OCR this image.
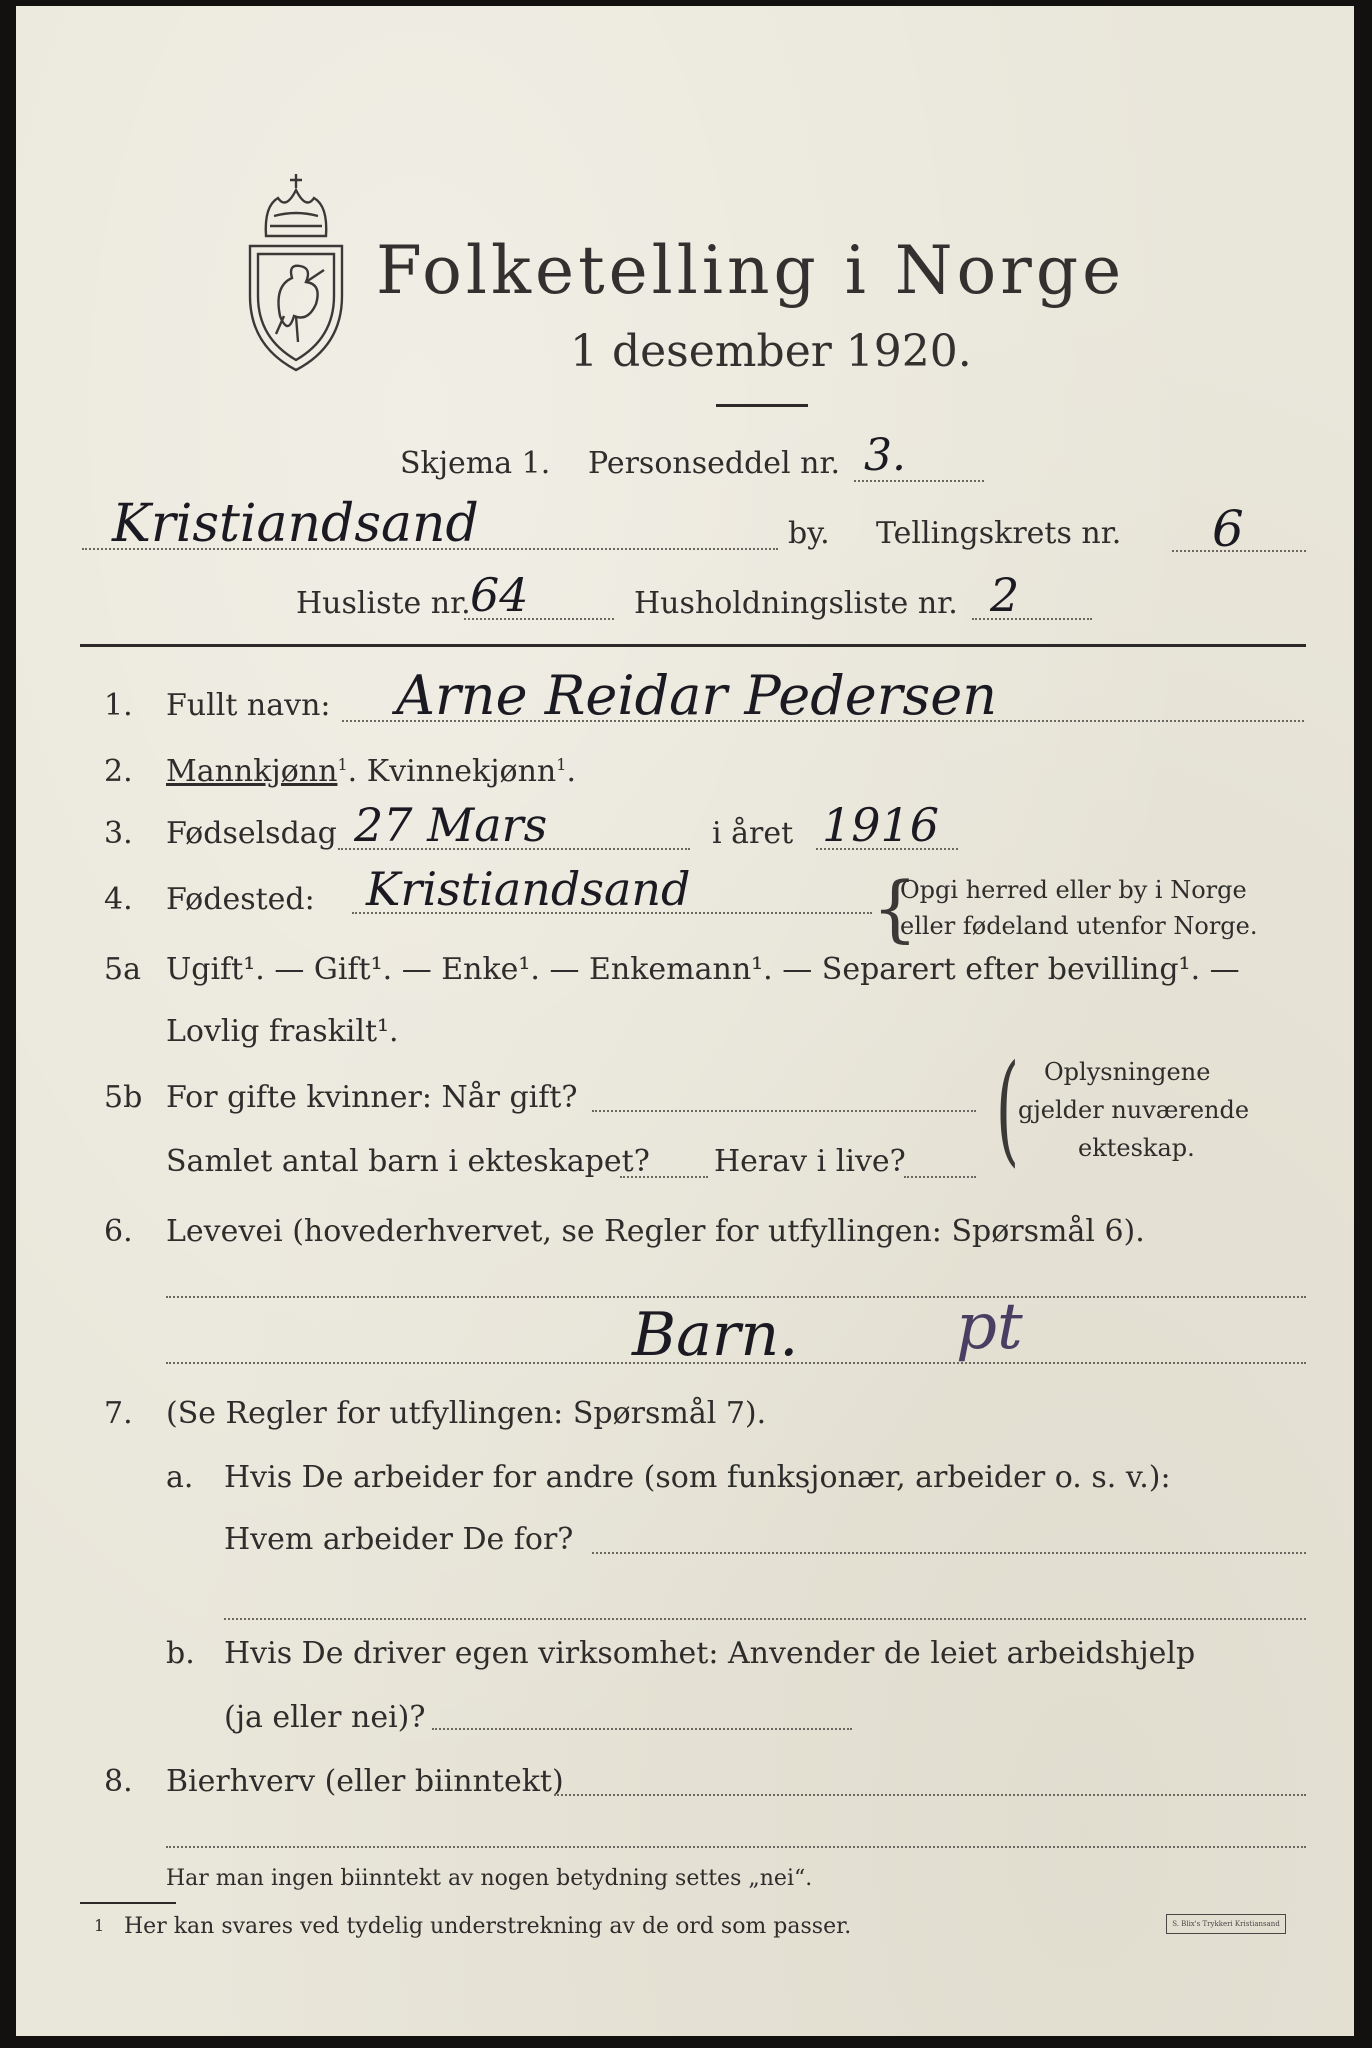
Folketelling i Norge
1 desember 1920.
Skjema 1. Personseddel nr. 3.
Kristiandsand	by. Tellingskrets nr. 6
Husliste nr. 64	Husholdningsliste nr. 2
1. Fullt navn: Arne Reidar Pedersen
2. Mannkjønn$^1$. Kvinnekjønn$^1$.
3. Fødselsdag 27 Mars	i året 1916
4. Fødested: Kristiandsand	{
Opgi herred eller by i Norge
eller fødeland utenfor Norge.
5a Ugift¹. — Gift¹. — Enke¹. — Enkemann¹. — Separert efter bevilling¹. —
Lovlig fraskilt¹.
5b For gifte kvinner: Når gift?
Samlet antal barn i ekteskapet? Herav i live? ( Oplysningene
gjelder nuværende
ekteskap.
6. Levevei (hovederhvervet, se Regler for utfyllingen: Spørsmål 6).
Barn. pt
7. (Se Regler for utfyllingen: Spørsmål 7).
a. Hvis De arbeider for andre (som funksjonær, arbeider o. s. v.):
Hvem arbeider De for?
b. Hvis De driver egen virksomhet: Anvender de leiet arbeidshjelp
(ja eller nei)?
8. Bierhverv (eller biinntekt)
Har man ingen biinntekt av nogen betydning settes „nei“.
1 Her kan svares ved tydelig understrekning av de ord som passer.	S. Blix's Trykkeri Kristiansand
